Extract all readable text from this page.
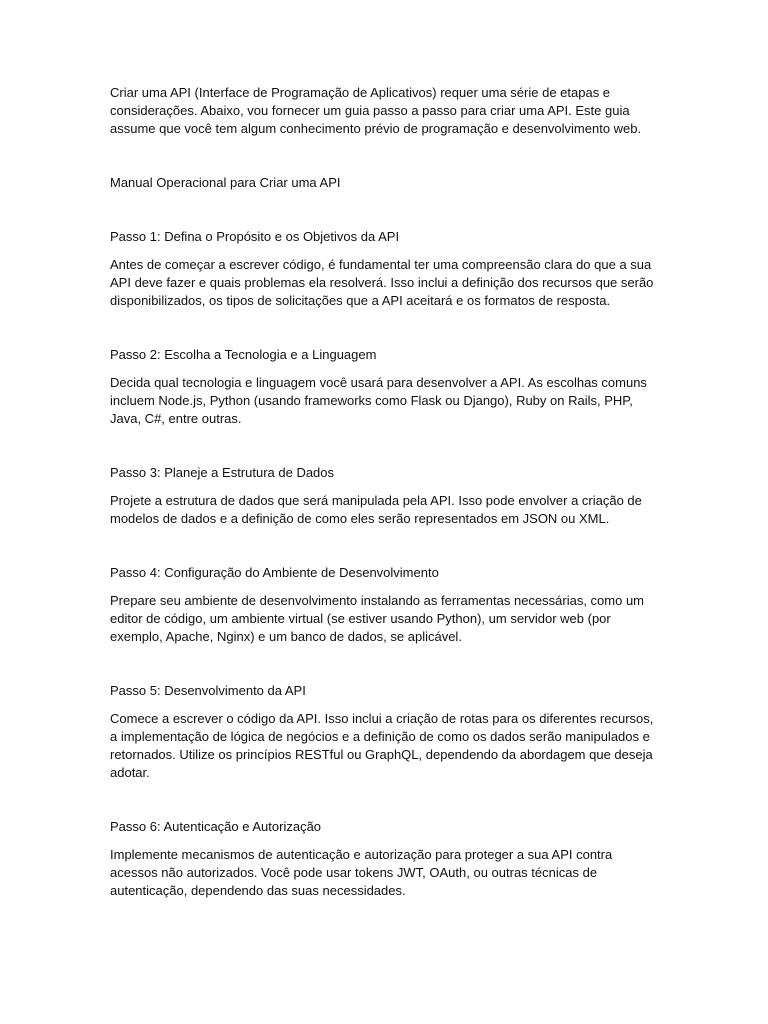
Criar uma API (Interface de Programação de Aplicativos) requer uma série de etapas e considerações. Abaixo, vou fornecer um guia passo a passo para criar uma API. Este guia assume que você tem algum conhecimento prévio de programação e desenvolvimento web.

Manual Operacional para Criar uma API
Passo 1: Defina o Propósito e os Objetivos da API

Antes de começar a escrever código, é fundamental ter uma compreensão clara do que a sua API deve fazer e quais problemas ela resolverá. Isso inclui a definição dos recursos que serão disponibilizados, os tipos de solicitações que a API aceitará e os formatos de resposta.

Passo 2: Escolha a Tecnologia e a Linguagem

Decida qual tecnologia e linguagem você usará para desenvolver a API. As escolhas comuns incluem Node.js, Python (usando frameworks como Flask ou Django), Ruby on Rails, PHP, Java, C#, entre outras.

Passo 3: Planeje a Estrutura de Dados

Projete a estrutura de dados que será manipulada pela API. Isso pode envolver a criação de modelos de dados e a definição de como eles serão representados em JSON ou XML.

Passo 4: Configuração do Ambiente de Desenvolvimento

Prepare seu ambiente de desenvolvimento instalando as ferramentas necessárias, como um editor de código, um ambiente virtual (se estiver usando Python), um servidor web (por exemplo, Apache, Nginx) e um banco de dados, se aplicável.

Passo 5: Desenvolvimento da API

Comece a escrever o código da API. Isso inclui a criação de rotas para os diferentes recursos, a implementação de lógica de negócios e a definição de como os dados serão manipulados e retornados. Utilize os princípios RESTful ou GraphQL, dependendo da abordagem que deseja adotar.

Passo 6: Autenticação e Autorização

Implemente mecanismos de autenticação e autorização para proteger a sua API contra acessos não autorizados. Você pode usar tokens JWT, OAuth, ou outras técnicas de autenticação, dependendo das suas necessidades.
